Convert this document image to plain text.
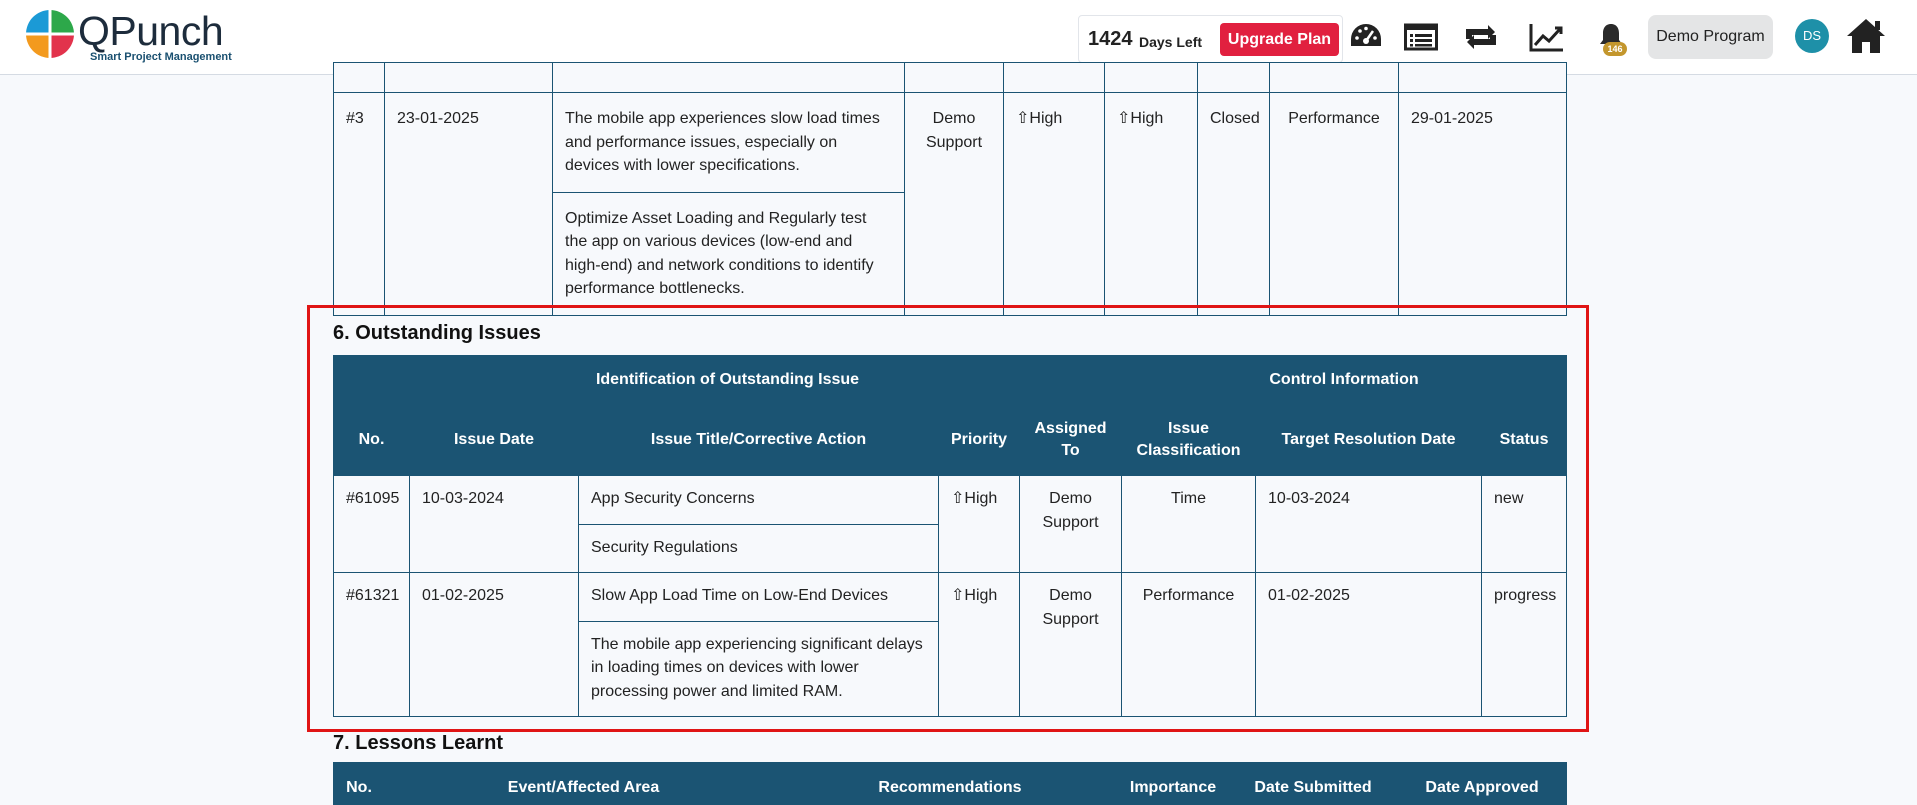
QPunch
Smart Project Management
1424 Days Left	Upgrade Plan
146
Demo Program	DS

#3	23-01-2025	The mobile app experiences slow load times and performance issues, especially on devices with lower specifications.	Demo Support	⇧High	⇧High	Closed	Performance	29-01-2025
		Optimize Asset Loading and Regularly test the app on various devices (low-end and high-end) and network conditions to identify performance bottlenecks.						
6. Outstanding Issues
Identification of Outstanding Issue					Control Information		
No.	Issue Date	Issue Title/Corrective Action	Priority	Assigned To	Issue Classification	Target Resolution Date	Status
#61095	10-03-2024	App Security Concerns	⇧High	Demo Support	Time	10-03-2024	new
		Security Regulations					
#61321	01-02-2025	Slow App Load Time on Low-End Devices	⇧High	Demo Support	Performance	01-02-2025	progress
		The mobile app experiencing significant delays in loading times on devices with lower processing power and limited RAM.					
7. Lessons Learnt
No.	Event/Affected Area	Recommendations	Importance	Date Submitted	Date Approved
